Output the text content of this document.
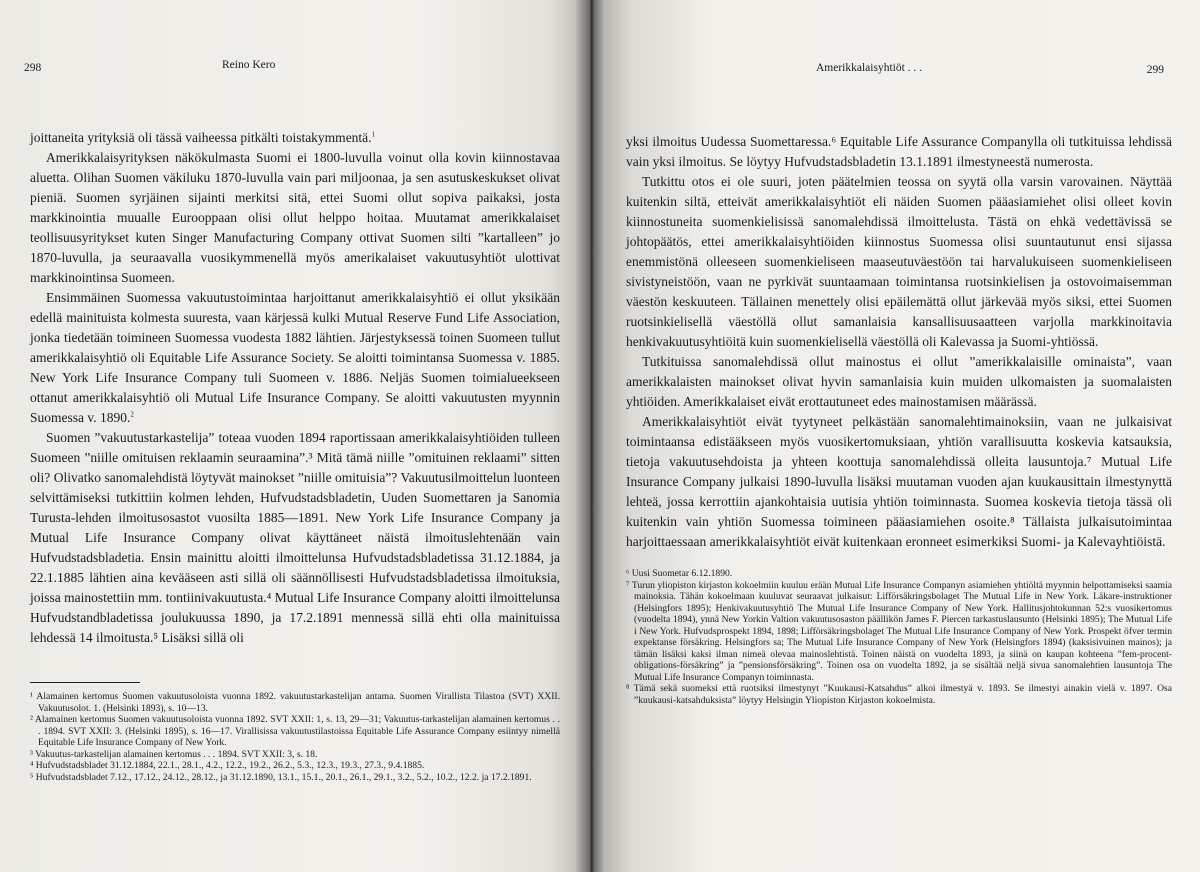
298	Reino Kero

joittaneita yrityksiä oli tässä vaiheessa pitkälti toistakymmentä.$^1$

Amerikkalaisyrityksen näkökulmasta Suomi ei 1800-luvulla voinut olla kovin kiinnostavaa aluetta. Olihan Suomen väkiluku 1870-luvulla vain pari miljoonaa, ja sen asutuskeskukset olivat pieniä. Suomen syrjäinen sijainti merkitsi sitä, ettei Suomi ollut sopiva paikaksi, josta markkinointia muualle Eurooppaan olisi ollut helppo hoitaa. Muutamat amerikkalaiset teollisuusyritykset kuten Singer Manufacturing Company ottivat Suomen silti ”kartalleen” jo 1870-luvulla, ja seuraavalla vuosikymmenellä myös amerikalaiset vakuutusyhtiöt ulottivat markkinointinsa Suomeen.

Ensimmäinen Suomessa vakuutustoimintaa harjoittanut amerikkalaisyhtiö ei ollut yksikään edellä mainituista kolmesta suuresta, vaan kärjessä kulki Mutual Reserve Fund Life Association, jonka tiedetään toimineen Suomessa vuodesta 1882 lähtien. Järjestyksessä toinen Suomeen tullut amerikkalaisyhtiö oli Equitable Life Assurance Society. Se aloitti toimintansa Suomessa v. 1885. New York Life Insurance Company tuli Suomeen v. 1886. Neljäs Suomen toimialueekseen ottanut amerikkalaisyhtiö oli Mutual Life Insurance Company. Se aloitti vakuutusten myynnin Suomessa v. 1890.$^2$

Suomen ”vakuutustarkastelija” toteaa vuoden 1894 raportissaan amerikkalaisyhtiöiden tulleen Suomeen ”niille omituisen reklaamin seuraamina”.³ Mitä tämä niille ”omituinen reklaami” sitten oli? Olivatko sanomalehdistä löytyvät mainokset ”niille omituisia”? Vakuutusilmoittelun luonteen selvittämiseksi tutkittiin kolmen lehden, Hufvudstadsbladetin, Uuden Suomettaren ja Sanomia Turusta-lehden ilmoitusosastot vuosilta 1885—1891. New York Life Insurance Company ja Mutual Life Insurance Company olivat käyttäneet näistä ilmoituslehtenään vain Hufvudstadsbladetia. Ensin mainittu aloitti ilmoittelunsa Hufvudstadsbladetissa 31.12.1884, ja 22.1.1885 lähtien aina kevääseen asti sillä oli säännöllisesti Hufvudstadsbladetissa ilmoituksia, joissa mainostettiin mm. tontiinivakuutusta.⁴ Mutual Life Insurance Company aloitti ilmoittelunsa Hufvudstandbladetissa joulukuussa 1890, ja 17.2.1891 mennessä sillä ehti olla mainituissa lehdessä 14 ilmoitusta.⁵ Lisäksi sillä oli

¹ Alamainen kertomus Suomen vakuutusoloista vuonna 1892. vakuutustarkastelijan antama. Suomen Virallista Tilastoa (SVT) XXII. Vakuutusolot. 1. (Helsinki 1893), s. 10—13.

² Alamainen kertomus Suomen vakuutusoloista vuonna 1892. SVT XXII: 1, s. 13, 29—31; Vakuutus-tarkastelijan alamainen kertomus . . . 1894. SVT XXII: 3. (Helsinki 1895), s. 16—17. Virallisissa vakuutustilastoissa Equitable Life Assurance Company esiintyy nimellä Equitable Life Insurance Company of New York.

³ Vakuutus-tarkastelijan alamainen kertomus . . . 1894. SVT XXII: 3, s. 18.

⁴ Hufvudstadsbladet 31.12.1884, 22.1., 28.1., 4.2., 12.2., 19.2., 26.2., 5.3., 12.3., 19.3., 27.3., 9.4.1885.

⁵ Hufvudstadsbladet 7.12., 17.12., 24.12., 28.12., ja 31.12.1890, 13.1., 15.1., 20.1., 26.1., 29.1., 3.2., 5.2., 10.2., 12.2. ja 17.2.1891.

Amerikkalaisyhtiöt . . .	299

yksi ilmoitus Uudessa Suomettaressa.⁶ Equitable Life Assurance Companylla oli tutkituissa lehdissä vain yksi ilmoitus. Se löytyy Hufvudstadsbladetin 13.1.1891 ilmestyneestä numerosta.

Tutkittu otos ei ole suuri, joten päätelmien teossa on syytä olla varsin varovainen. Näyttää kuitenkin siltä, etteivät amerikkalaisyhtiöt eli näiden Suomen pääasiamiehet olisi olleet kovin kiinnostuneita suomenkielisissä sanomalehdissä ilmoittelusta. Tästä on ehkä vedettävissä se johtopäätös, ettei amerikkalaisyhtiöiden kiinnostus Suomessa olisi suuntautunut ensi sijassa enemmistönä olleeseen suomenkieliseen maaseutuväestöön tai harvalukuiseen suomenkieliseen sivistyneistöön, vaan ne pyrkivät suuntaamaan toimintansa ruotsinkielisen ja ostovoimaisemman väestön keskuuteen. Tällainen menettely olisi epäilemättä ollut järkevää myös siksi, ettei Suomen ruotsinkielisellä väestöllä ollut samanlaisia kansallisuusaatteen varjolla markkinoitavia henkivakuutusyhtiöitä kuin suomenkielisellä väestöllä oli Kalevassa ja Suomi-yhtiössä.

Tutkituissa sanomalehdissä ollut mainostus ei ollut ”amerikkalaisille ominaista”, vaan amerikkalaisten mainokset olivat hyvin samanlaisia kuin muiden ulkomaisten ja suomalaisten yhtiöiden. Amerikkalaiset eivät erottautuneet edes mainostamisen määrässä.

Amerikkalaisyhtiöt eivät tyytyneet pelkästään sanomalehtimainoksiin, vaan ne julkaisivat toimintaansa edistääkseen myös vuosikertomuksiaan, yhtiön varallisuutta koskevia katsauksia, tietoja vakuutusehdoista ja yhteen koottuja sanomalehdissä olleita lausuntoja.⁷ Mutual Life Insurance Company julkaisi 1890-luvulla lisäksi muutaman vuoden ajan kuukausittain ilmestynyttä lehteä, jossa kerrottiin ajankohtaisia uutisia yhtiön toiminnasta. Suomea koskevia tietoja tässä oli kuitenkin vain yhtiön Suomessa toimineen pääasiamiehen osoite.⁸ Tällaista julkaisutoimintaa harjoittaessaan amerikkalaisyhtiöt eivät kuitenkaan eronneet esimerkiksi Suomi- ja Kalevayhtiöistä.

⁶ Uusi Suometar 6.12.1890.

⁷ Turun yliopiston kirjaston kokoelmiin kuuluu erään Mutual Life Insurance Companyn asiamiehen yhtiöltä myynnin helpottamiseksi saamia mainoksia. Tähän kokoelmaan kuuluvat seuraavat julkaisut: Lifförsäkringsbolaget The Mutual Life in New York. Läkare-instruktioner (Helsingfors 1895); Henkivakuutusyhtiö The Mutual Life Insurance Company of New York. Hallitusjohtokunnan 52:s vuosikertomus (vuodelta 1894), ynnä New Yorkin Valtion vakuutusosaston päällikön James F. Piercen tarkastuslausunto (Helsinki 1895); The Mutual Life i New York. Hufvudsprospekt 1894, 1898; Lifförsäkringsbolaget The Mutual Life Insurance Company of New York. Prospekt öfver termin expektanse försäkring. Helsingfors sa; The Mutual Life Insurance Company of New York (Helsingfors 1894) (kaksisivuinen mainos); ja tämän lisäksi kaksi ilman nimeä olevaa mainoslehtistä. Toinen näistä on vuodelta 1893, ja siinä on kaupan kohteena ”fem-procent-obligations-försäkring” ja ”pensionsförsäkring”. Toinen osa on vuodelta 1892, ja se sisältää neljä sivua sanomalehtien lausuntoja The Mutual Life Insurance Companyn toiminnasta.

⁸ Tämä sekä suomeksi että ruotsiksi ilmestynyt ”Kuukausi-Katsahdus” alkoi ilmestyä v. 1893. Se ilmestyi ainakin vielä v. 1897. Osa ”kuukausi-katsahduksista” löytyy Helsingin Yliopiston Kirjaston kokoelmista.
